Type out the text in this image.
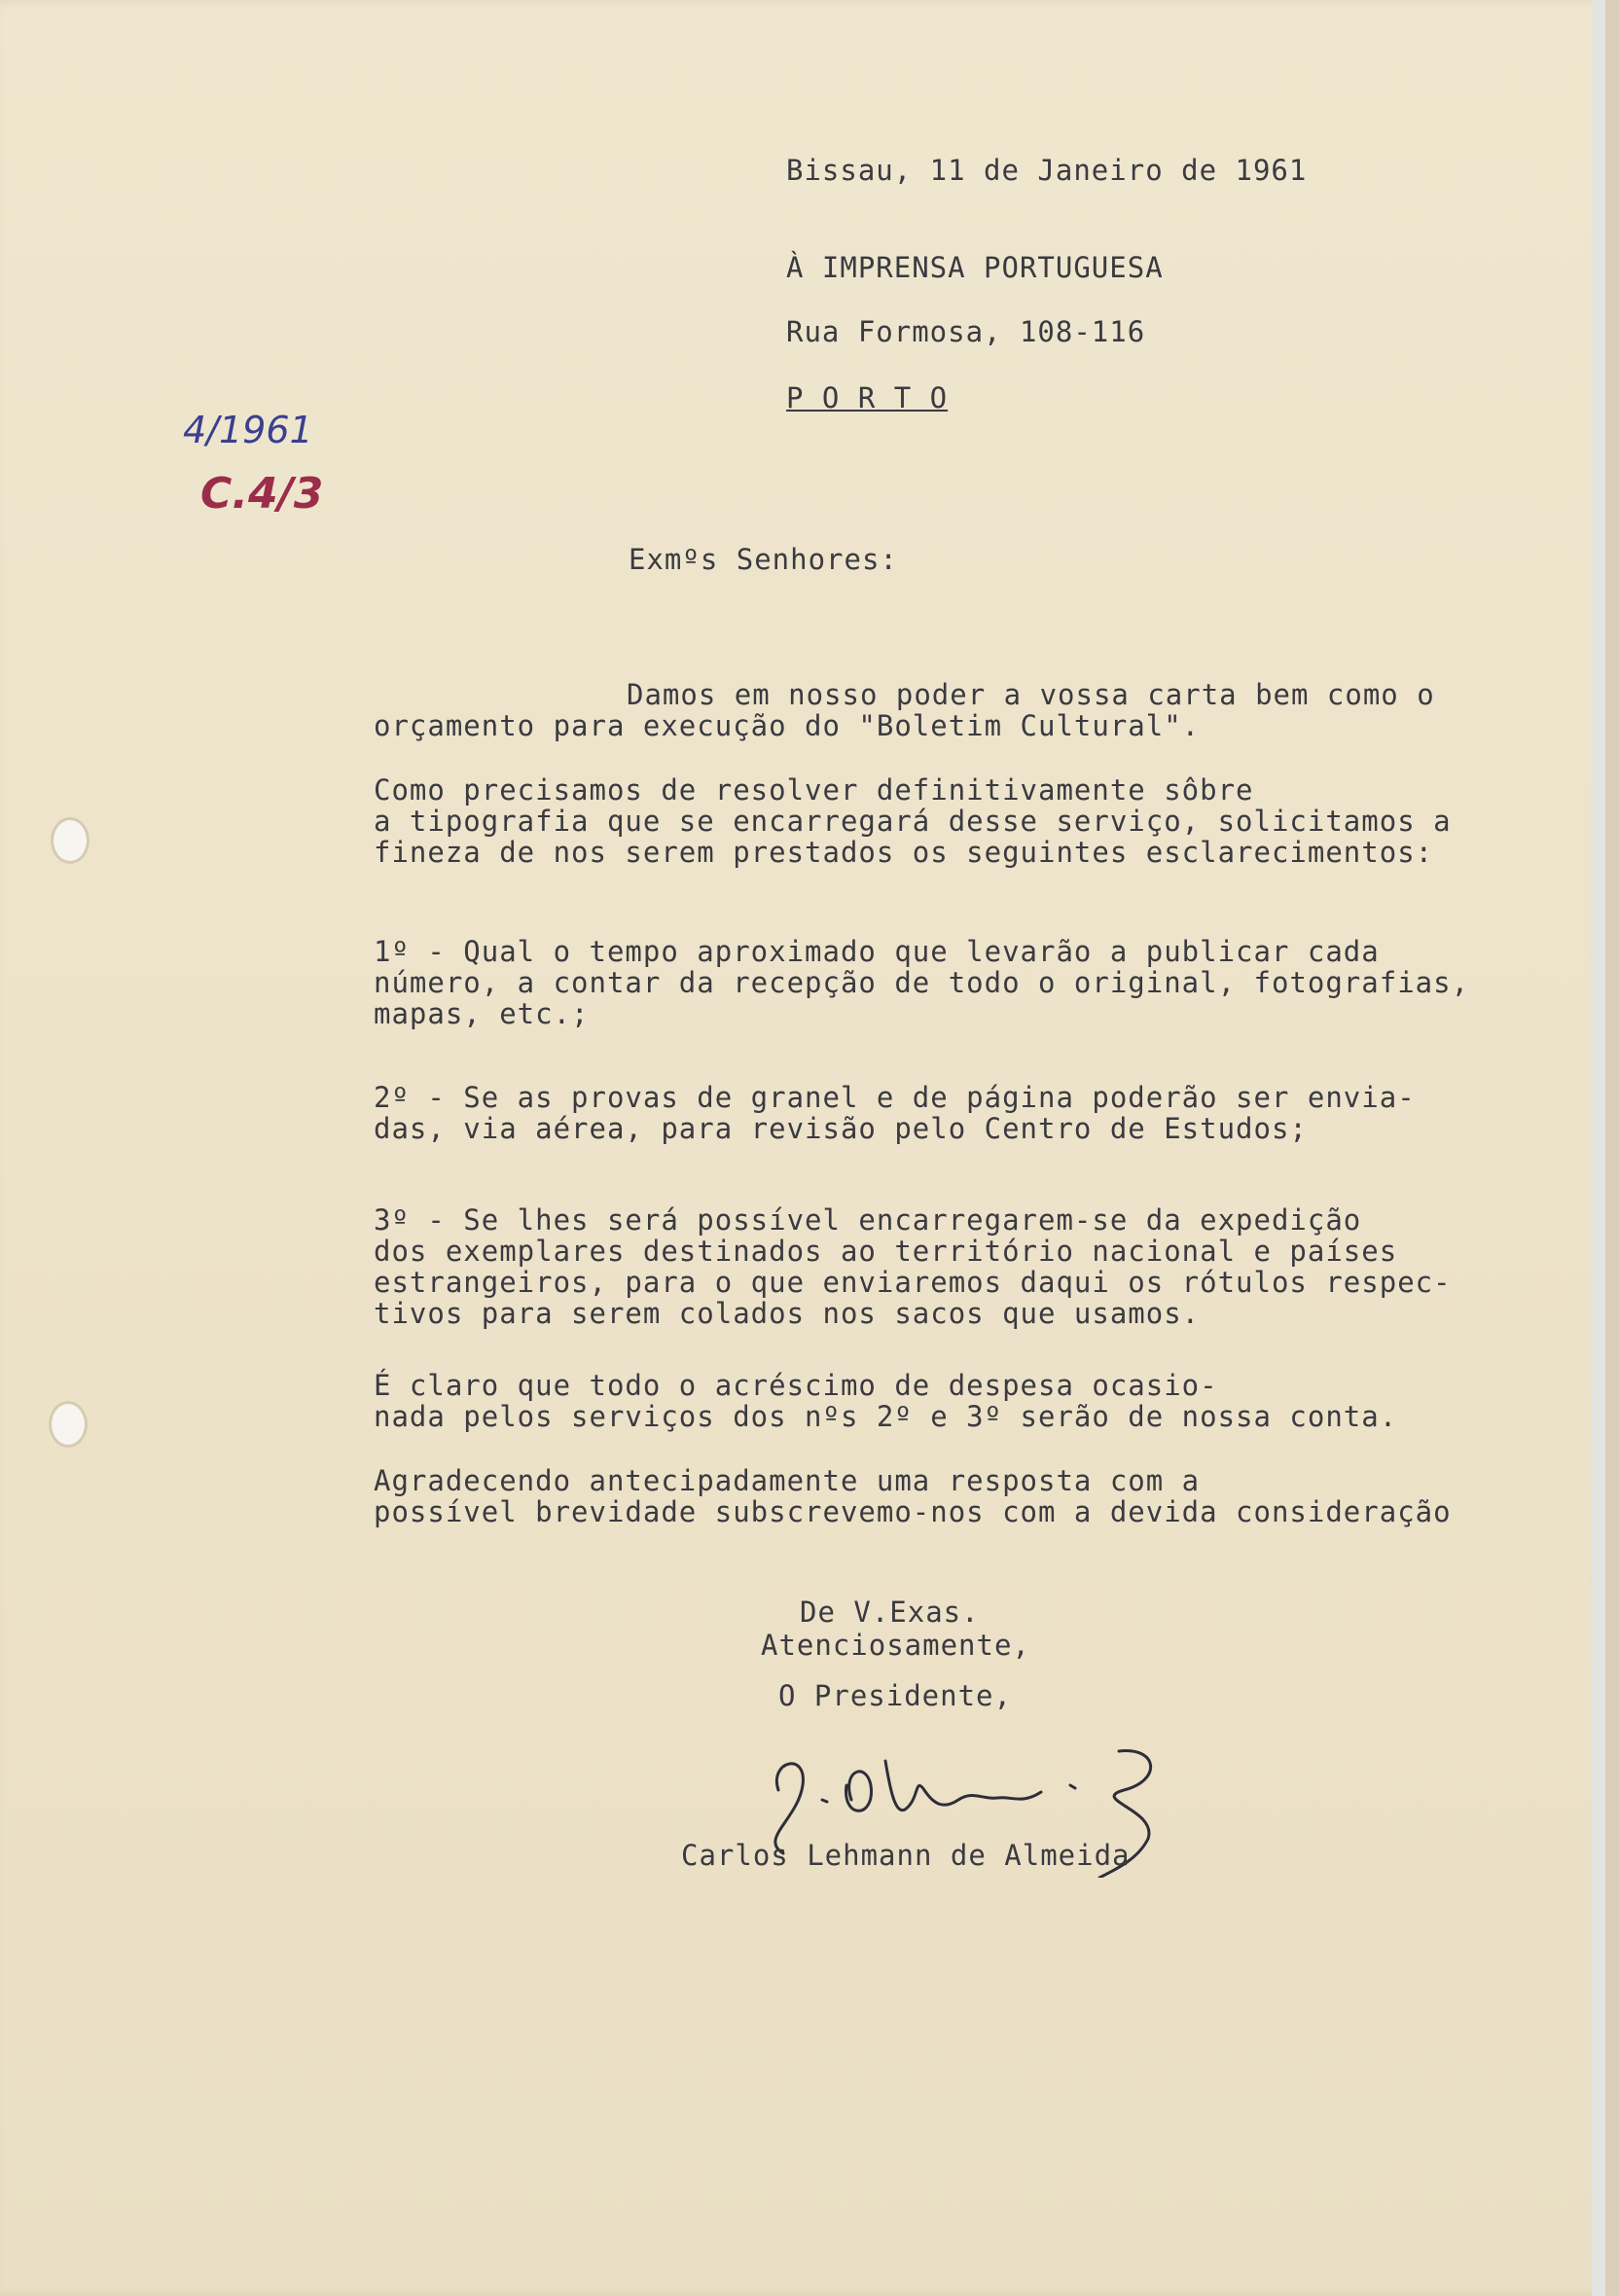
Bissau, 11 de Janeiro de 1961

À IMPRENSA PORTUGUESA

Rua Formosa, 108-116

P O R T O

4/1961
C.4/3

Exmºs Senhores:

Damos em nosso poder a vossa carta bem como o
orçamento para execução do "Boletim Cultural".

Como precisamos de resolver definitivamente sôbre
a tipografia que se encarregará desse serviço, solicitamos a
fineza de nos serem prestados os seguintes esclarecimentos:

1º - Qual o tempo aproximado que levarão a publicar cada
número, a contar da recepção de todo o original, fotografias,
mapas, etc.;

2º - Se as provas de granel e de página poderão ser envia-
das, via aérea, para revisão pelo Centro de Estudos;

3º - Se lhes será possível encarregarem-se da expedição
dos exemplares destinados ao território nacional e países
estrangeiros, para o que enviaremos daqui os rótulos respec-
tivos para serem colados nos sacos que usamos.

É claro que todo o acréscimo de despesa ocasio-
nada pelos serviços dos nºs 2º e 3º serão de nossa conta.

Agradecendo antecipadamente uma resposta com a
possível brevidade subscrevemo-nos com a devida consideração

De V.Exas.

Atenciosamente,

O Presidente,

Carlos Lehmann de Almeida
